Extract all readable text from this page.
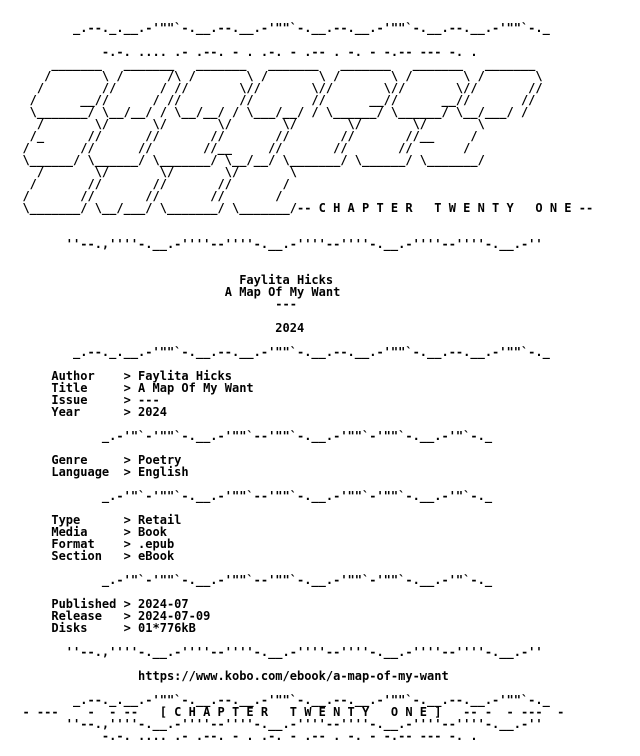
_.--._.__.-'""`-.__.--.__.-'""`-.__.--.__.-'""`-.__.--.__.-'""`-._

-.-. .... .- .--. - . .-. - .-- . -. - -.-- --- -. .
_______   _______   _______   _______   _______   _______   _______
/       \ /      /\ /       \ /       \ /       \ /       \ /       \
/        //      / //       \//       \//       \//       \//       //
/      __//      / //        //        //      __//      __//       //
\_______/ \__/__/ / \__/__/ / \___/__/ / \______/ \______/ \__/___/ /
/       \/      \/       \/       \/       \/       \/       \
/_      //      //       //       //       //       //__     /
/       //      //       //__     //       //       //       /
\______/ \______/ \_______/ \__/__/ \_______/ \______/ \_______/
/       \/       \/       \/       \
/       //       //       //       /
/       //       //       //       /
\_______/ \__/___/ \_______/ \_______/-- C H A P T E R   T W E N T Y   O N E --

''--.,''''-.__.-''''--''''-.__.-''''--''''-.__.-''''--''''-.__.-''

Faylita Hicks
A Map Of My Want
---

2024

_.--._.__.-'""`-.__.--.__.-'""`-.__.--.__.-'""`-.__.--.__.-'""`-._

Author    > Faylita Hicks
Title     > A Map Of My Want
Issue     > ---
Year      > 2024

_.-'"`-'""`-.__.-'""`--'""`-.__.-'""`-'""`-.__.-'"`-._

Genre     > Poetry
Language  > English

_.-'"`-'""`-.__.-'""`--'""`-.__.-'""`-'""`-.__.-'"`-._

Type      > Retail
Media     > Book
Format    > .epub
Section   > eBook

_.-'"`-'""`-.__.-'""`--'""`-.__.-'""`-'""`-.__.-'"`-._

Published > 2024-07
Release   > 2024-07-09
Disks     > 01*776kB

''--.,''''-.__.-''''--''''-.__.-''''--''''-.__.-''''--''''-.__.-''

https://www.kobo.com/ebook/a-map-of-my-want

_.--._.__.-'""`-.__.--.__.-'""`-.__.--.__.-'""`-.__.--.__.-'""`-._
- ---    -  - --   [ C H A P T E R   T W E N T Y   O N E ]   -- -  - ---  -
''--.,''''-.__.-''''--''''-.__.-''''--''''-.__.-''''--''''-.__.-''
-.-. .... .- .--. - . .-. - .-- . -. - -.-- --- -. .
